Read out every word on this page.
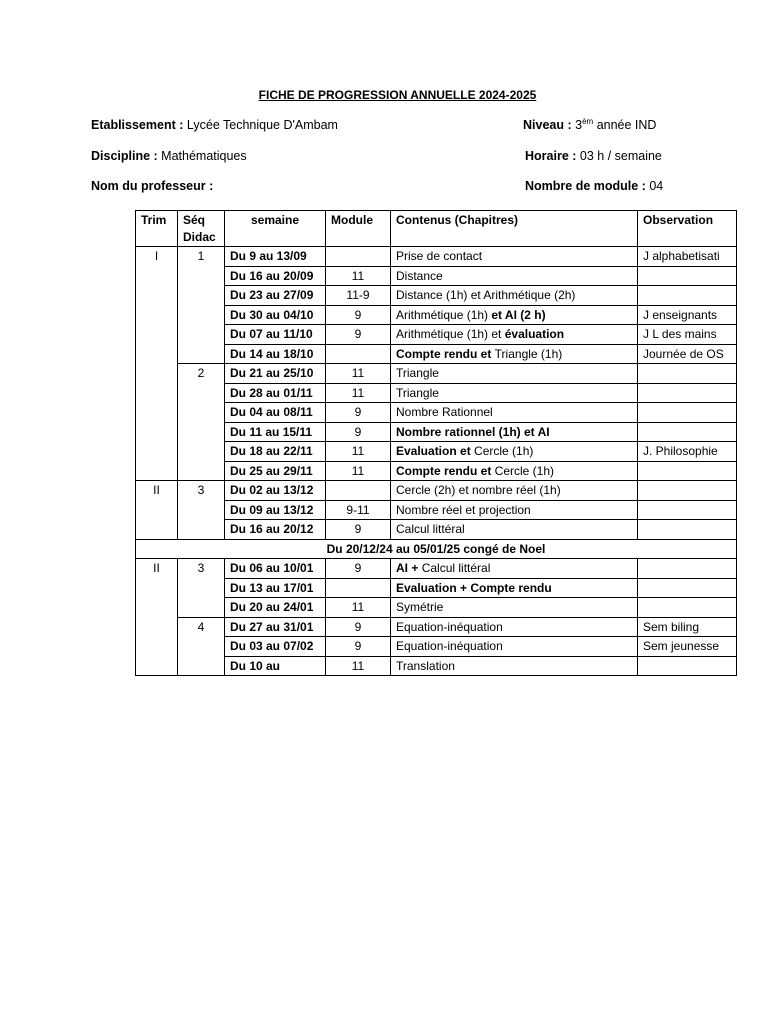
FICHE DE PROGRESSION ANNUELLE 2024-2025
Etablissement : Lycée Technique D'Ambam	Niveau : $3^{èm}$ année IND
Discipline : Mathématiques	Horaire : 03 h / semaine
Nom du professeur :	Nombre de module : 04
Trim	Séq Didac	semaine	Module	Contenus (Chapitres)	Observation
I	1	Du 9 au 13/09		Prise de contact	J alphabetisati
		Du 16 au 20/09	11	Distance	
		Du 23 au 27/09	11-9	Distance (1h) et Arithmétique (2h)	
		Du 30 au 04/10	9	Arithmétique (1h) et AI (2 h)	J enseignants
		Du 07 au 11/10	9	Arithmétique (1h) et évaluation	J L des mains
		Du 14 au 18/10		Compte rendu et Triangle (1h)	Journée de OS
	2	Du 21 au 25/10	11	Triangle	
		Du 28 au 01/11	11	Triangle	
		Du 04 au 08/11	9	Nombre Rationnel	
		Du 11 au 15/11	9	Nombre rationnel (1h) et AI	
		Du 18 au 22/11	11	Evaluation et Cercle (1h)	J. Philosophie
		Du 25 au 29/11	11	Compte rendu et Cercle (1h)	
II	3	Du 02 au 13/12		Cercle (2h) et nombre réel (1h)	
		Du 09 au 13/12	9-11	Nombre réel et projection	
		Du 16 au 20/12	9	Calcul littéral	
Du 20/12/24 au 05/01/25 congé de Noel					
II	3	Du 06 au 10/01	9	AI + Calcul littéral	
		Du 13 au 17/01		Evaluation + Compte rendu	
		Du 20 au 24/01	11	Symétrie	
	4	Du 27 au 31/01	9	Equation-inéquation	Sem biling
		Du 03 au 07/02	9	Equation-inéquation	Sem jeunesse
		Du 10 au	11	Translation	
